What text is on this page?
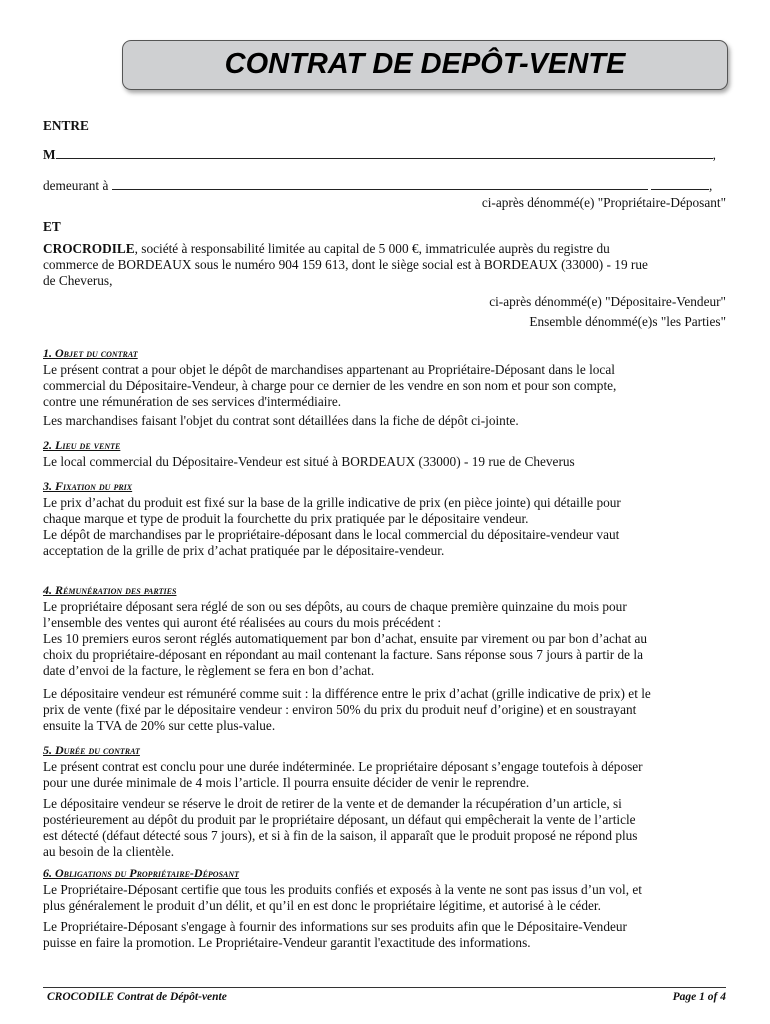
CONTRAT DE DEPÔT-VENTE
ENTRE
M	,
demeurant à	,
ci-après dénommé(e) "Propriétaire-Déposant"
ET
CROCRODILE, société à responsabilité limitée au capital de 5 000 €, immatriculée auprès du registre du
commerce de BORDEAUX sous le numéro 904 159 613, dont le siège social est à BORDEAUX (33000) - 19 rue
de Cheverus,
ci-après dénommé(e) "Dépositaire-Vendeur"
Ensemble dénommé(e)s "les Parties"
1. Objet du contrat
Le présent contrat a pour objet le dépôt de marchandises appartenant au Propriétaire-Déposant dans le local
commercial du Dépositaire-Vendeur, à charge pour ce dernier de les vendre en son nom et pour son compte,
contre une rémunération de ses services d'intermédiaire.
Les marchandises faisant l'objet du contrat sont détaillées dans la fiche de dépôt ci-jointe.
2. Lieu de vente
Le local commercial du Dépositaire-Vendeur est situé à BORDEAUX (33000) - 19 rue de Cheverus
3. Fixation du prix
Le prix d’achat du produit est fixé sur la base de la grille indicative de prix (en pièce jointe) qui détaille pour
chaque marque et type de produit la fourchette du prix pratiquée par le dépositaire vendeur.
Le dépôt de marchandises par le propriétaire-déposant dans le local commercial du dépositaire-vendeur vaut
acceptation de la grille de prix d’achat pratiquée par le dépositaire-vendeur.
4. Rémunération des parties
Le propriétaire déposant sera réglé de son ou ses dépôts, au cours de chaque première quinzaine du mois pour
l’ensemble des ventes qui auront été réalisées au cours du mois précédent :
Les 10 premiers euros seront réglés automatiquement par bon d’achat, ensuite par virement ou par bon d’achat au
choix du propriétaire-déposant en répondant au mail contenant la facture. Sans réponse sous 7 jours à partir de la
date d’envoi de la facture, le règlement se fera en bon d’achat.
Le dépositaire vendeur est rémunéré comme suit : la différence entre le prix d’achat (grille indicative de prix) et le
prix de vente (fixé par le dépositaire vendeur : environ 50% du prix du produit neuf d’origine) et en soustrayant
ensuite la TVA de 20% sur cette plus-value.
5. Durée du contrat
Le présent contrat est conclu pour une durée indéterminée. Le propriétaire déposant s’engage toutefois à déposer
pour une durée minimale de 4 mois l’article. Il pourra ensuite décider de venir le reprendre.
Le dépositaire vendeur se réserve le droit de retirer de la vente et de demander la récupération d’un article, si
postérieurement au dépôt du produit par le propriétaire déposant, un défaut qui empêcherait la vente de l’article
est détecté (défaut détecté sous 7 jours), et si à fin de la saison, il apparaît que le produit proposé ne répond plus
au besoin de la clientèle.
6. Obligations du Propriétaire-Déposant
Le Propriétaire-Déposant certifie que tous les produits confiés et exposés à la vente ne sont pas issus d’un vol, et
plus généralement le produit d’un délit, et qu’il en est donc le propriétaire légitime, et autorisé à le céder.
Le Propriétaire-Déposant s'engage à fournir des informations sur ses produits afin que le Dépositaire-Vendeur
puisse en faire la promotion. Le Propriétaire-Vendeur garantit l'exactitude des informations.
CROCODILE Contrat de Dépôt-vente	Page 1 of 4
